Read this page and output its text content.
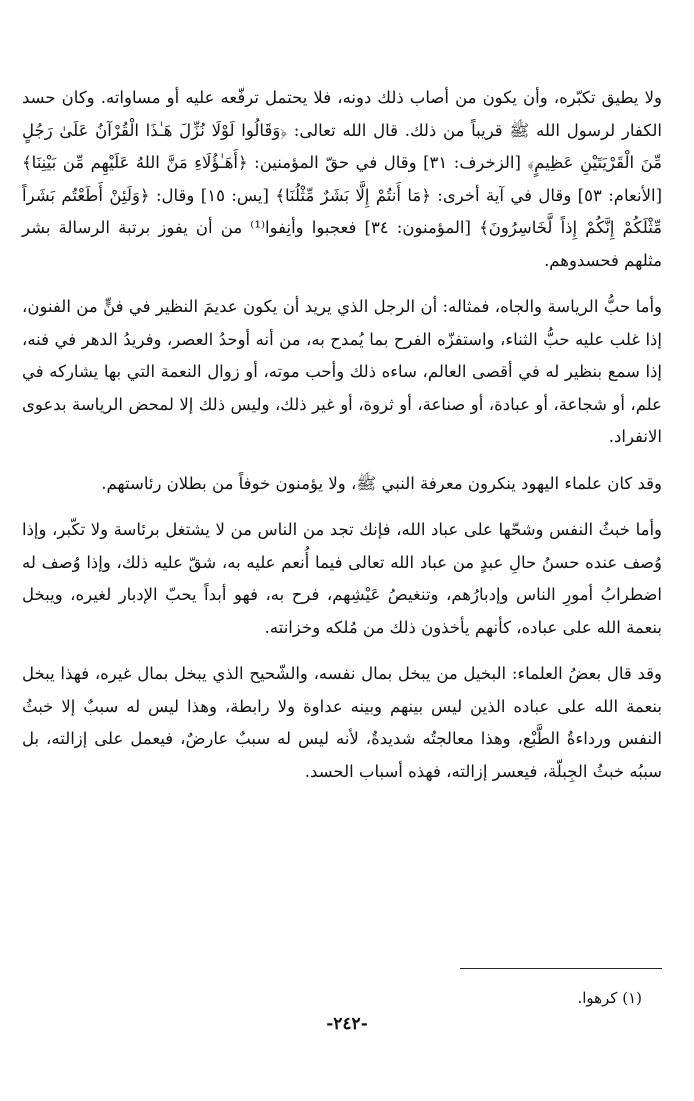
ولا يطيق تكبّره، وأن يكون من أصاب ذلك دونه، فلا يحتمل ترفّعه عليه أو مساواته. وكان حسد الكفار لرسول الله ﷺ قريباً من ذلك. قال الله تعالى: ﴿وَقَالُوا لَوْلَا نُزِّلَ هَـٰذَا الْقُرْآنُ عَلَىٰ رَجُلٍ مِّنَ الْقَرْيَتَيْنِ عَظِيمٍ﴾ [الزخرف: ٣١] وقال في حقّ المؤمنين: ﴿أَهَـٰؤُلَاءِ مَنَّ اللهُ عَلَيْهِم مِّن بَيْنِنَا﴾ [الأنعام: ٥٣] وقال في آية أخرى: ﴿مَا أَنتُمْ إِلَّا بَشَرٌ مِّثْلُنَا﴾ [يس: ١٥] وقال: ﴿وَلَئِنْ أَطَعْتُم بَشَراً مِّثْلَكُمْ إِنَّكُمْ إِذاً لَّخَاسِرُونَ﴾ [المؤمنون: ٣٤] فعجبوا وأنِفوا⁽¹⁾ من أن يفوز برتبة الرسالة بشر مثلهم فحسدوهم.

وأما حبُّ الرياسة والجاه، فمثاله: أن الرجل الذي يريد أن يكون عديمَ النظير في فنٍّ من الفنون، إذا غلب عليه حبُّ الثناء، واستفزّه الفرح بما يُمدح به، من أنه أوحدُ العصر، وفريدُ الدهر في فنه، إذا سمع بنظير له في أقصى العالم، ساءه ذلك وأحب موته، أو زوال النعمة التي بها يشاركه في علم، أو شجاعة، أو عبادة، أو صناعة، أو ثروة، أو غير ذلك، وليس ذلك إلا لمحض الرياسة بدعوى الانفراد.

وقد كان علماء اليهود ينكرون معرفة النبي ﷺ، ولا يؤمنون خوفاً من بطلان رئاستهم.

وأما خبثُ النفس وشحّها على عباد الله، فإنك تجد من الناس من لا يشتغل برئاسة ولا تكّبر، وإذا وُصف عنده حسنُ حالِ عبدٍ من عباد الله تعالى فيما أُنعم عليه به، شقّ عليه ذلك، وإذا وُصف له اضطرابُ أمورِ الناس وإدبارُهم، وتنغيصُ عَيْشِهم، فرح به، فهو أبداً يحبّ الإدبار لغيره، ويبخل بنعمة الله على عباده، كأنهم يأخذون ذلك من مُلكه وخزانته.

وقد قال بعضُ العلماء: البخيل من يبخل بمال نفسه، والشّحيح الذي يبخل بمال غيره، فهذا يبخل بنعمة الله على عباده الذين ليس بينهم وبينه عداوة ولا رابطة، وهذا ليس له سببٌ إلا خبثُ النفس ورداءةُ الطَّبْع، وهذا معالجتُه شديدةٌ، لأنه ليس له سببٌ عارضٌ، فيعمل على إزالته، بل سببُه خبثُ الجِبلّة، فيعسر إزالته، فهذه أسباب الحسد.

(١) كرهوا.
-٢٤٢-
